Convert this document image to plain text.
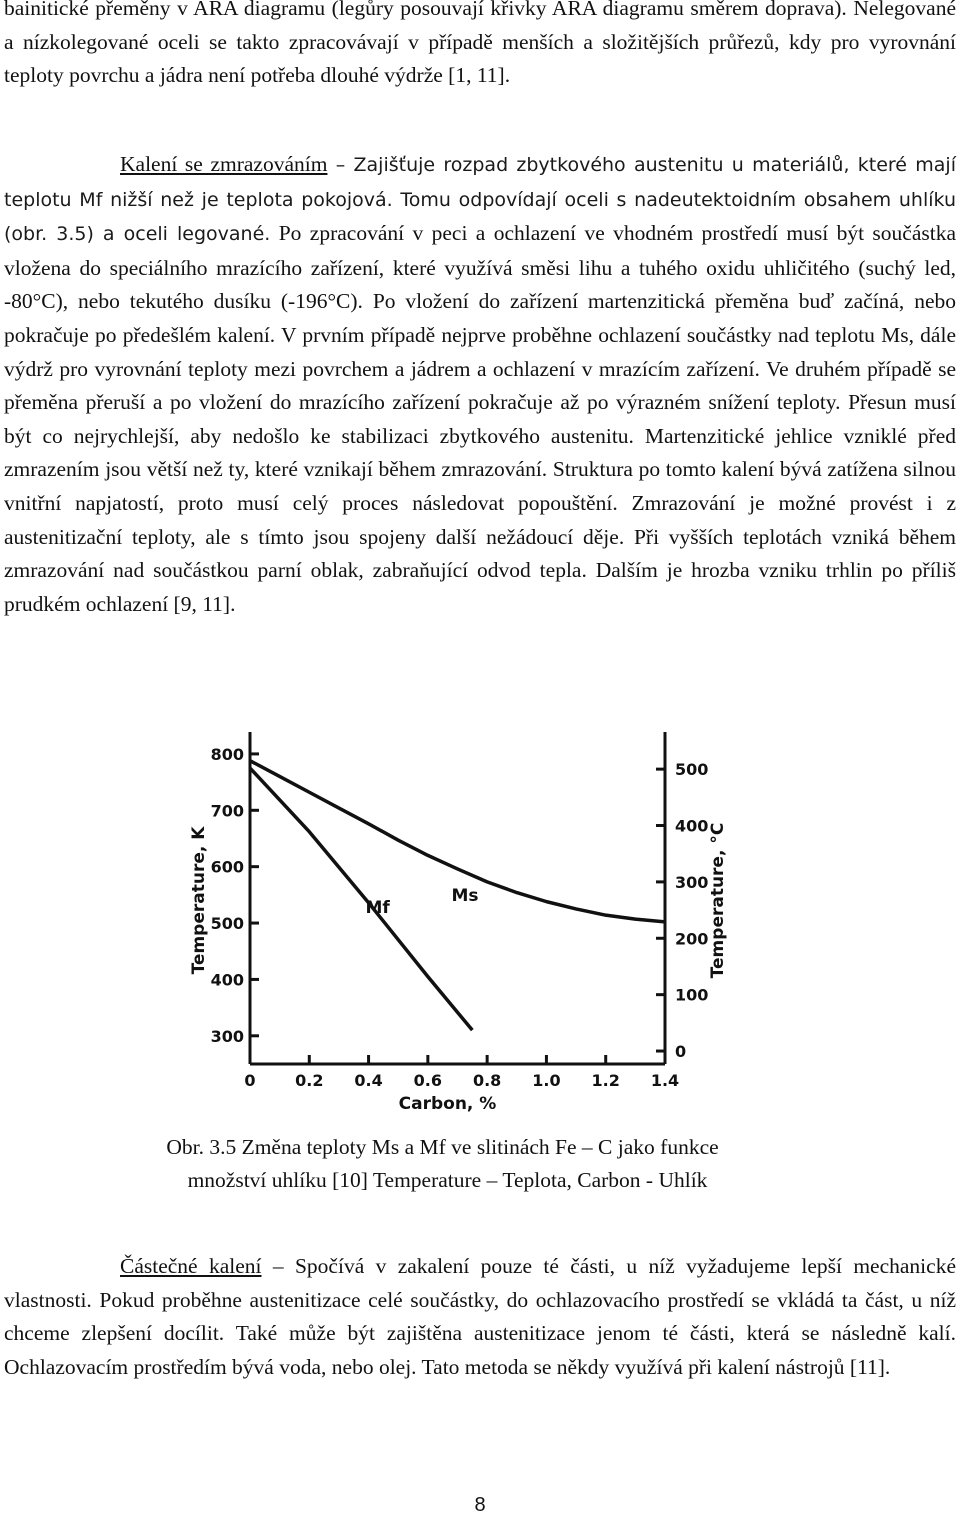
bainitické přeměny v ARA diagramu (legůry posouvají křivky ARA diagramu směrem doprava). Nelegované a nízkolegované oceli se takto zpracovávají v případě menších a složitějších průřezů, kdy pro vyrovnání teploty povrchu a jádra není potřeba dlouhé výdrže [1, 11].

Kalení se zmrazováním – Zajišťuje rozpad zbytkového austenitu u materiálů, které mají teplotu Mf nižší než je teplota pokojová. Tomu odpovídají oceli s nadeutektoidním obsahem uhlíku (obr. 3.5) a oceli legované. Po zpracování v peci a ochlazení ve vhodném prostředí musí být součástka vložena do speciálního mrazícího zařízení, které využívá směsi lihu a tuhého oxidu uhličitého (suchý led, -80°C), nebo tekutého dusíku (-196°C). Po vložení do zařízení martenzitická přeměna buď začíná, nebo pokračuje po předešlém kalení. V prvním případě nejprve proběhne ochlazení součástky nad teplotu Ms, dále výdrž pro vyrovnání teploty mezi povrchem a jádrem a ochlazení v mrazícím zařízení. Ve druhém případě se přeměna přeruší a po vložení do mrazícího zařízení pokračuje až po výrazném snížení teploty. Přesun musí být co nejrychlejší, aby nedošlo ke stabilizaci zbytkového austenitu. Martenzitické jehlice vzniklé před zmrazením jsou větší než ty, které vznikají během zmrazování. Struktura po tomto kalení bývá zatížena silnou vnitřní napjatostí, proto musí celý proces následovat popouštění. Zmrazování je možné provést i z austenitizační teploty, ale s tímto jsou spojeny další nežádoucí děje. Při vyšších teplotách vzniká během zmrazování nad součástkou parní oblak, zabraňující odvod tepla. Dalším je hrozba vzniku trhlin po příliš prudkém ochlazení [9, 11].

300
400
500
600
700
800
0
100
200
300
400
500
0 0.2 0.4 0.6 0.8 1.0 1.2 1.4
Carbon, %
Temperature, K	Temperature, °C
Ms
Mf
Obr. 3.5 Změna teploty Ms a Mf ve slitinách Fe – C jako funkce
množství uhlíku [10] Temperature – Teplota, Carbon - Uhlík

Částečné kalení – Spočívá v zakalení pouze té části, u níž vyžadujeme lepší mechanické vlastnosti. Pokud proběhne austenitizace celé součástky, do ochlazovacího prostředí se vkládá ta část, u níž chceme zlepšení docílit. Také může být zajištěna austenitizace jenom té části, která se následně kalí. Ochlazovacím prostředím bývá voda, nebo olej. Tato metoda se někdy využívá při kalení nástrojů [11].

8
